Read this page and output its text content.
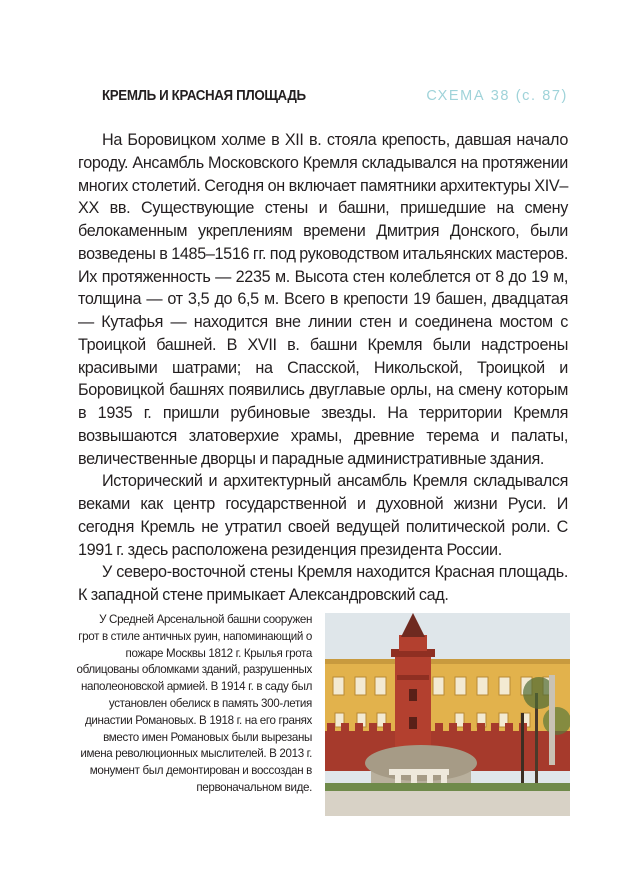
КРЕМЛЬ И КРАСНАЯ ПЛОЩАДЬ	СХЕМА 38 (с. 87)

На Боровицком холме в XII в. стояла крепость, давшая начало городу. Ансамбль Московского Кремля складывался на протяжении многих столетий. Сегодня он включает памятники архитектуры XIV–XX вв. Существующие стены и башни, пришедшие на смену белокаменным укреплениям времени Дмитрия Донского, были возведены в 1485–1516 гг. под руководством итальянских мастеров. Их протяженность — 2235 м. Высота стен колеблется от 8 до 19 м, толщина — от 3,5 до 6,5 м. Всего в крепости 19 башен, двадцатая — Кутафья — находится вне линии стен и соединена мостом с Троицкой башней. В XVII в. башни Кремля были надстроены красивыми шатрами; на Спасской, Никольской, Троицкой и Боровицкой башнях появились двуглавые орлы, на смену которым в 1935 г. пришли рубиновые звезды. На территории Кремля возвышаются златоверхие храмы, древние терема и палаты, величественные дворцы и парадные административные здания.

Исторический и архитектурный ансамбль Кремля складывался веками как центр государственной и духовной жизни Руси. И сегодня Кремль не утратил своей ведущей политической роли. С 1991 г. здесь расположена резиденция президента России.

У северо-восточной стены Кремля находится Красная площадь. К западной стене примыкает Александровский сад.

У Средней Арсенальной башни сооружен грот в стиле античных руин, напоминающий о пожаре Москвы 1812 г. Крылья грота облицованы обломками зданий, разрушенных наполеоновской армией. В 1914 г. в саду был установлен обелиск в память 300-летия династии Романовых. В 1918 г. на его гранях вместо имен Романовых были вырезаны имена революционных мыслителей. В 2013 г. монумент был демонтирован и воссоздан в первоначальном виде.
